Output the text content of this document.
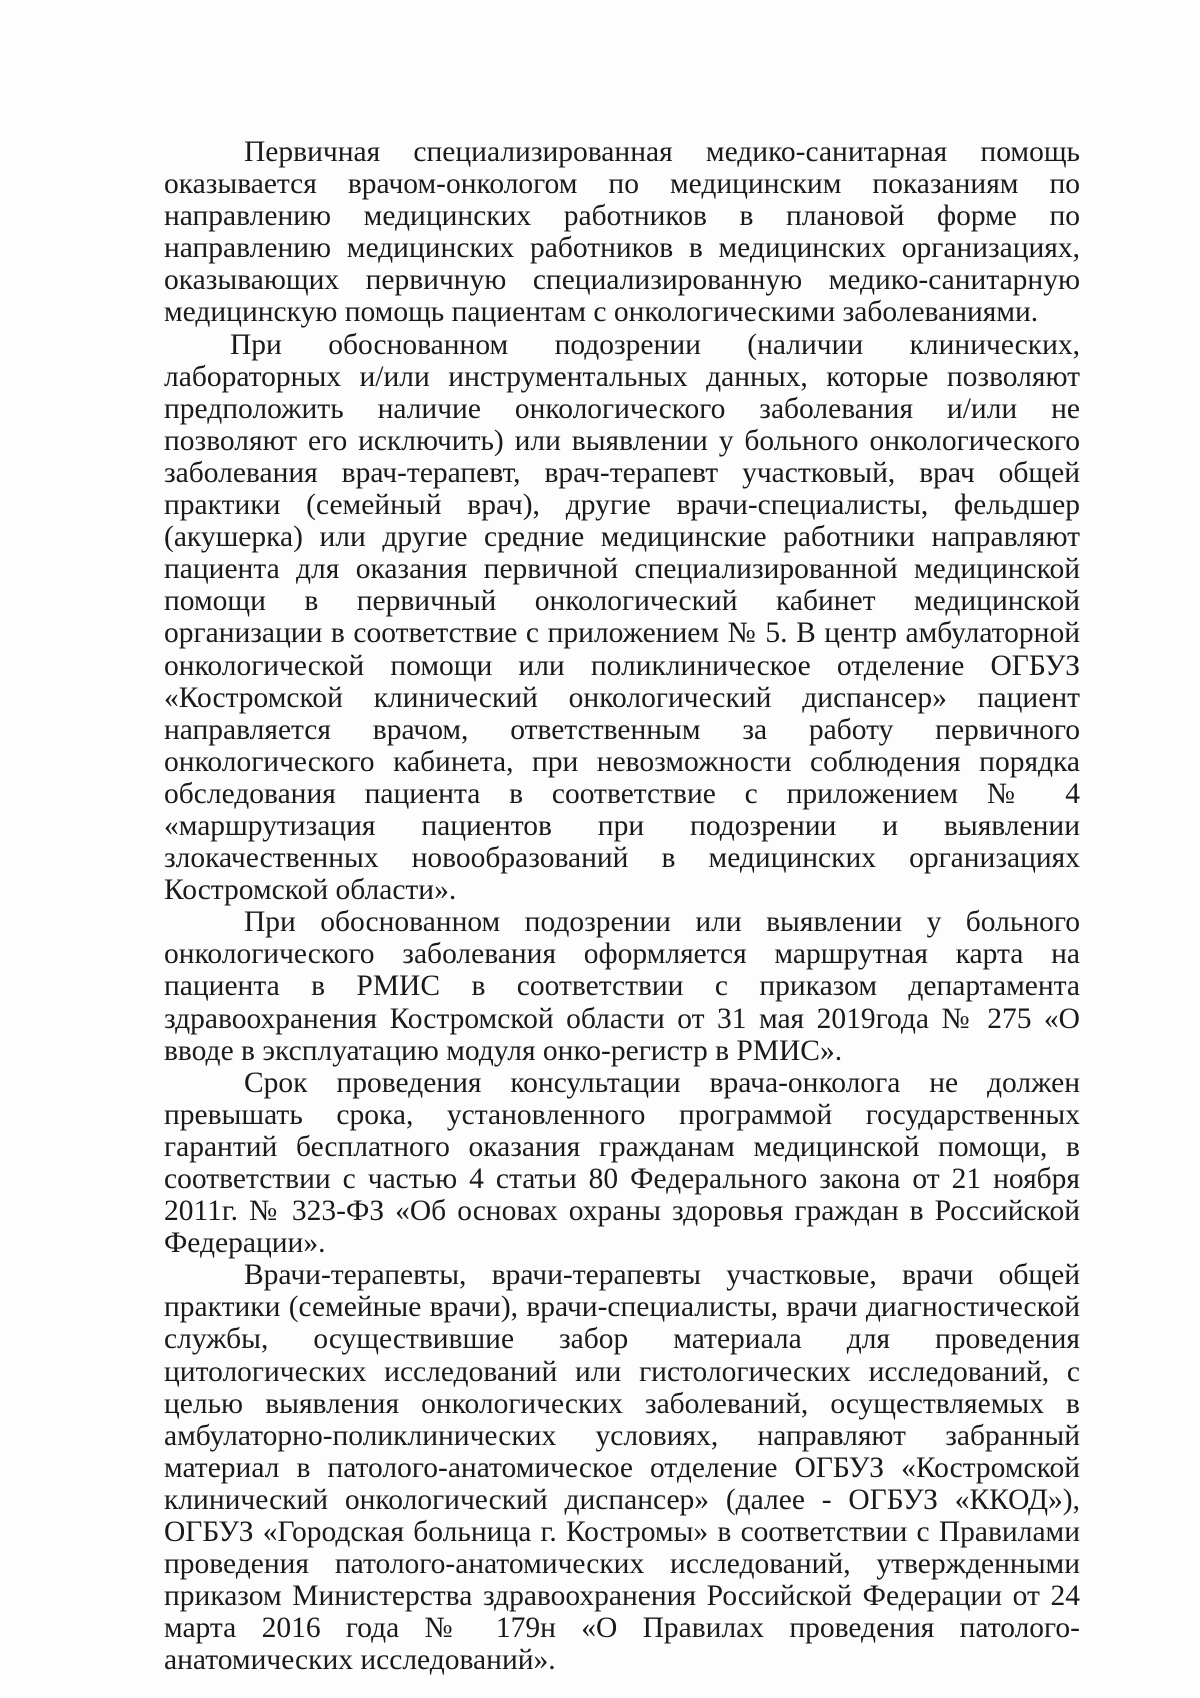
Первичная специализированная медико-санитарная помощь оказывается врачом-онкологом по медицинским показаниям по направлению медицинских работников в плановой форме по направлению медицинских работников в медицинских организациях, оказывающих первичную специализированную медико-санитарную медицинскую помощь пациентам с онкологическими заболеваниями.

При обоснованном подозрении (наличии клинических, лабораторных и/или инструментальных данных, которые позволяют предположить наличие онкологического заболевания и/или не позволяют его исключить) или выявлении у больного онкологического заболевания врач-терапевт, врач-терапевт участковый, врач общей практики (семейный врач), другие врачи-специалисты, фельдшер (акушерка) или другие средние медицинские работники направляют пациента для оказания первичной специализированной медицинской помощи в первичный онкологический кабинет медицинской организации в соответствие с приложением № 5. В центр амбулаторной онкологической помощи или поликлиническое отделение ОГБУЗ «Костромской клинический онкологический диспансер» пациент направляется врачом, ответственным за работу первичного онкологического кабинета, при невозможности соблюдения порядка обследования пациента в соответствие с приложением № 4 «маршрутизация пациентов при подозрении и выявлении злокачественных новообразований в медицинских организациях Костромской области».

При обоснованном подозрении или выявлении у больного онкологического заболевания оформляется маршрутная карта на пациента в РМИС в соответствии с приказом департамента здравоохранения Костромской области от 31 мая 2019года № 275 «О вводе в эксплуатацию модуля онко-регистр в РМИС».

Срок проведения консультации врача-онколога не должен превышать срока, установленного программой государственных гарантий бесплатного оказания гражданам медицинской помощи, в соответствии с частью 4 статьи 80 Федерального закона от 21 ноября 2011г. № 323-ФЗ «Об основах охраны здоровья граждан в Российской Федерации».

Врачи-терапевты, врачи-терапевты участковые, врачи общей практики (семейные врачи), врачи-специалисты, врачи диагностической службы, осуществившие забор материала для проведения цитологических исследований или гистологических исследований, с целью выявления онкологических заболеваний, осуществляемых в амбулаторно-поликлинических условиях, направляют забранный материал в патолого-анатомическое отделение ОГБУЗ «Костромской клинический онкологический диспансер» (далее - ОГБУЗ «ККОД»), ОГБУЗ «Городская больница г. Костромы» в соответствии с Правилами проведения патолого-анатомических исследований, утвержденными приказом Министерства здравоохранения Российской Федерации от 24 марта 2016 года № 179н «О Правилах проведения патолого-анатомических исследований».
